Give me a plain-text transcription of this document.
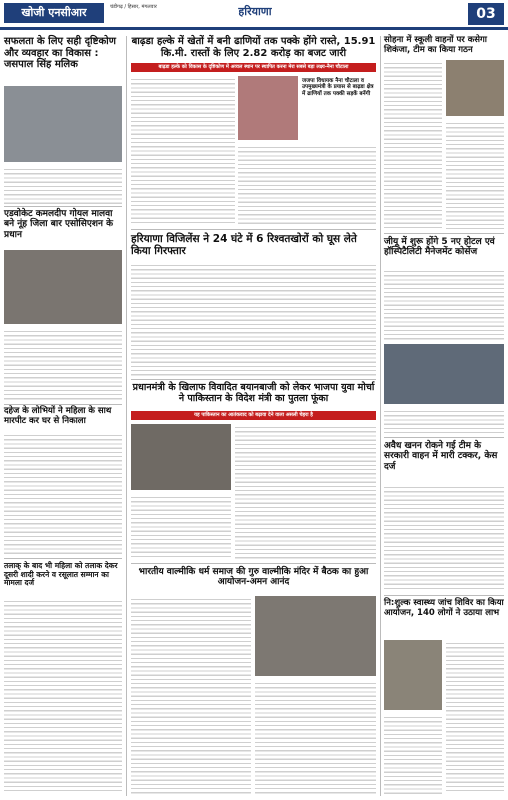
खोजी एनसीआर	चंडीगढ़ / हिसार, मंगलवार	हरियाणा	03
सफलता के लिए सही दृष्टिकोण और व्यवहार का विकास : जसपाल सिंह मलिक
एडवोकेट कमलदीप गोयल मालवा बने नूंह जिला बार एसोसिएशन के प्रधान
दहेज के लोभियों ने महिला के साथ मारपीट कर घर से निकाला
तलाक् के बाद भी महिला को तलाक देकर दूसरी शादी करने व रसूलात सम्मान का मामला दर्ज
बाढ़डा हल्के में खेतों में बनी ढाणियों तक पक्के होंगे रास्ते, 15.91 कि.मी. रास्तों के लिए 2.82 करोड़ का बजट जारी
बाढ़डा हल्के को विकास के दृष्टिकोण में अव्वल स्थान पर स्थापित करना मेरा सबसे बड़ा लक्ष्य-नैना चौटाला
जजपा विधायक नैना चौटाला व उपमुख्यमंत्री के प्रयास से बाढ़डा क्षेत्र में ढाणियों तक पक्की सड़कें बनेंगी
हरियाणा विजिलेंस ने 24 घंटे में 6 रिश्वतखोरों को घूस लेते किया गिरफ्तार
प्रधानमंत्री के खिलाफ विवादित बयानबाजी को लेकर भाजपा युवा मोर्चा ने पाकिस्तान के विदेश मंत्री का पुतला फूंका
यह पाकिस्तान का आतंकवाद को बढ़ावा देने वाला असली चेहरा है
भारतीय वाल्मीकि धर्म समाज की गुरु वाल्मीकि मंदिर में बैठक का हुआ आयोजन-अमन आनंद
सोहना में स्कूली वाहनों पर कसेगा शिकंजा, टीम का किया गठन
जीयू में शुरू होंगे 5 नए होटल एवं हॉस्पिटैलिटी मैनेजमेंट कोर्सेज
अवैध खनन रोकने गई टीम के सरकारी वाहन में मारी टक्कर, केस दर्ज
नि:शुल्क स्वास्थ्य जांच शिविर का किया आयोजन, 140 लोगों ने उठाया लाभ
